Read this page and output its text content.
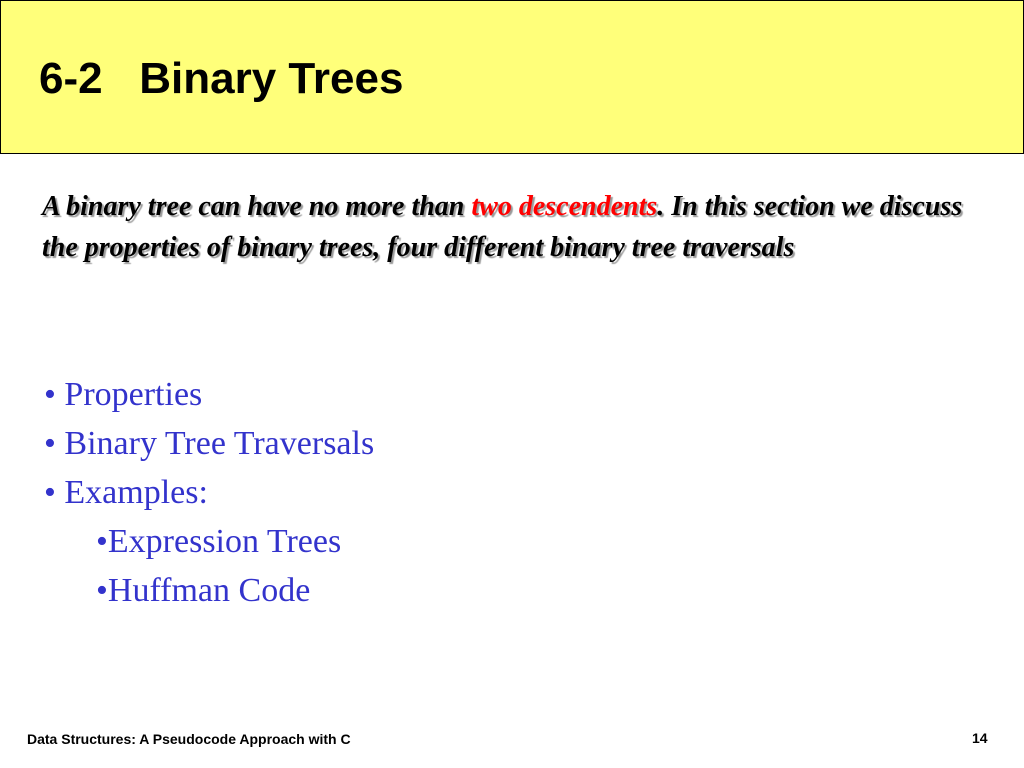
6-2   Binary Trees

A binary tree can have no more than two descendents. In this section we discuss the properties of binary trees, four different binary tree traversals

• Properties
• Binary Tree Traversals
• Examples:
•Expression Trees
•Huffman Code
Data Structures: A Pseudocode Approach with C	14
